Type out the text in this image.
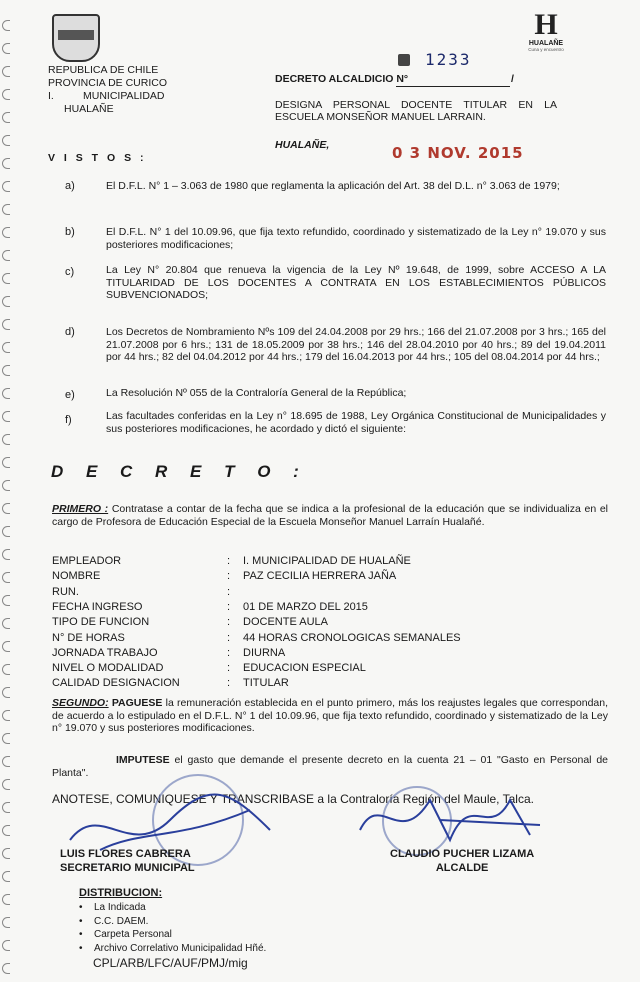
H
HUALAÑE
Cuna y encuentro
REPUBLICA DE CHILE
PROVINCIA DE CURICO
I.          MUNICIPALIDAD
HUALAÑE
1233
DECRETO ALCALDICIO N°	/
DESIGNA PERSONAL DOCENTE TITULAR EN LA ESCUELA MONSEÑOR MANUEL LARRAIN.
HUALAÑE,	0 3 NOV. 2015
V I S T O S :
a)	El D.F.L. N° 1 – 3.063 de 1980 que reglamenta la aplicación del Art. 38 del D.L. n° 3.063 de 1979;
b)	El D.F.L. N° 1 del 10.09.96, que fija texto refundido, coordinado y sistematizado de la Ley n° 19.070 y sus posteriores modificaciones;
c)	La Ley N° 20.804 que renueva la vigencia de la Ley Nº 19.648, de 1999, sobre ACCESO A LA TITULARIDAD DE LOS DOCENTES A CONTRATA EN LOS ESTABLECIMIENTOS PÚBLICOS SUBVENCIONADOS;
d)	Los Decretos de Nombramiento Nºs 109 del 24.04.2008 por 29 hrs.; 166 del 21.07.2008 por 3 hrs.; 165 del 21.07.2008 por 6 hrs.; 131 de 18.05.2009 por 38 hrs.; 146 del 28.04.2010 por 40 hrs.; 89 del 19.04.2011 por 44 hrs.; 82 del 04.04.2012 por 44 hrs.; 179 del 16.04.2013 por 44 hrs.; 105 del 08.04.2014 por 44 hrs.;
e)	La Resolución Nº 055 de la Contraloría General de la República;
f)	Las facultades conferidas en la Ley n° 18.695 de 1988, Ley Orgánica Constitucional de Municipalidades y sus posteriores modificaciones, he acordado y dictó el siguiente:
D E C R E T O :
PRIMERO : Contratase a contar de la fecha que se indica a la profesional de la educación que se individualiza en el cargo de Profesora de Educación Especial de la Escuela Monseñor Manuel Larraín Hualañé.
EMPLEADOR	: I. MUNICIPALIDAD DE HUALAÑE
NOMBRE	: PAZ CECILIA HERRERA JAÑA
RUN.	:
FECHA INGRESO	: 01 DE MARZO DEL 2015
TIPO DE FUNCION	: DOCENTE AULA
N° DE HORAS	: 44 HORAS CRONOLOGICAS SEMANALES
JORNADA TRABAJO	: DIURNA
NIVEL O MODALIDAD	: EDUCACION ESPECIAL
CALIDAD DESIGNACION	: TITULAR
SEGUNDO: PAGUESE la remuneración establecida en el punto primero, más los reajustes legales que correspondan, de acuerdo a lo estipulado en el D.F.L. N° 1 del 10.09.96, que fija texto refundido, coordinado y sistematizado de la Ley n° 19.070 y sus posteriores modificaciones.
IMPUTESE el gasto que demande el presente decreto en la cuenta 21 – 01 "Gasto en Personal de Planta".
ANOTESE, COMUNIQUESE Y TRANSCRIBASE a la Contraloría Región del Maule, Talca.
LUIS FLORES CABRERA
SECRETARIO MUNICIPAL
CLAUDIO PUCHER LIZAMA
ALCALDE
DISTRIBUCION:
• La Indicada
• C.C. DAEM.
• Carpeta Personal
• Archivo Correlativo Municipalidad Hñé.
CPL/ARB/LFC/AUF/PMJ/mig
